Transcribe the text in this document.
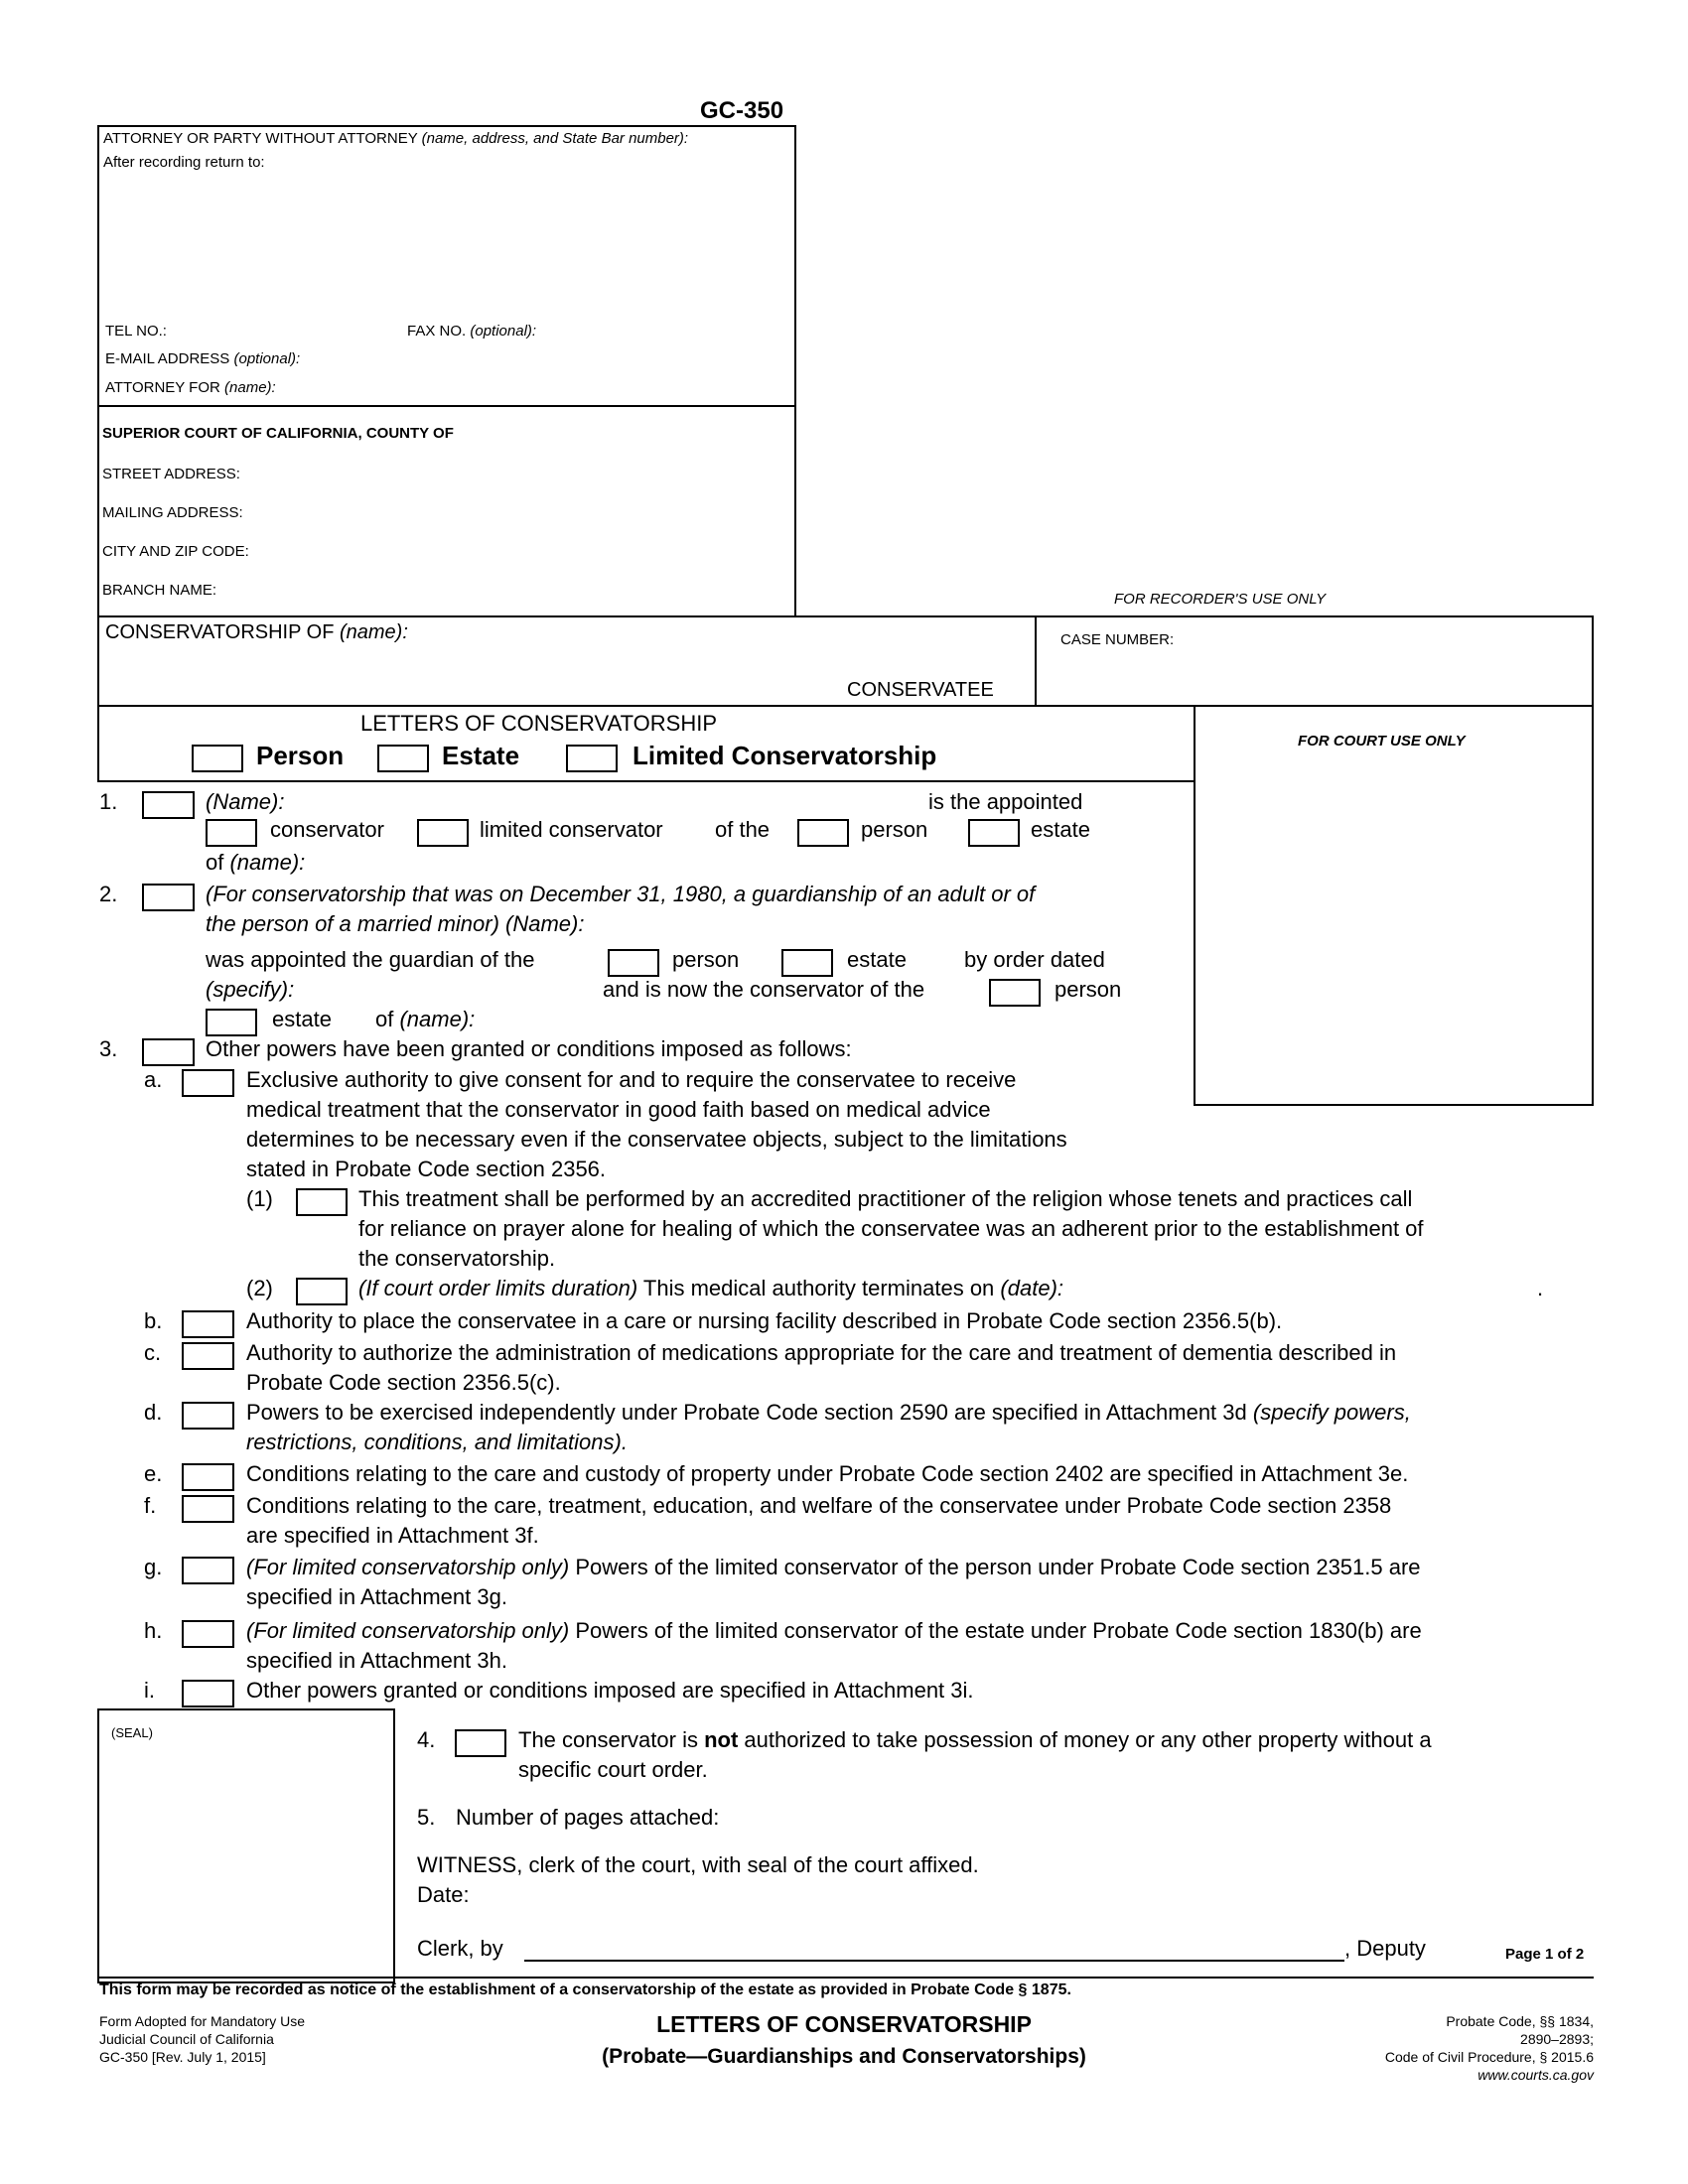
GC-350
ATTORNEY OR PARTY WITHOUT ATTORNEY (name, address, and State Bar number):
After recording return to:
TEL NO.:	FAX NO. (optional):
E-MAIL ADDRESS (optional):
ATTORNEY FOR (name):
SUPERIOR COURT OF CALIFORNIA, COUNTY OF
STREET ADDRESS:
MAILING ADDRESS:
CITY AND ZIP CODE:
BRANCH NAME:
FOR RECORDER'S USE ONLY
CONSERVATORSHIP OF (name):
CONSERVATEE
CASE NUMBER:
LETTERS OF CONSERVATORSHIP
Person	Estate	Limited Conservatorship	FOR COURT USE ONLY
1.	(Name):	is the appointed
conservator	limited conservator of the	person	estate
of (name):
2.	(For conservatorship that was on December 31, 1980, a guardianship of an adult or of
the person of a married minor) (Name):
was appointed the guardian of the	person	estate	by order dated
(specify):	and is now the conservator of the	person
estate of (name):
3.	Other powers have been granted or conditions imposed as follows:
a.	Exclusive authority to give consent for and to require the conservatee to receive
medical treatment that the conservator in good faith based on medical advice
determines to be necessary even if the conservatee objects, subject to the limitations
stated in Probate Code section 2356.
(1)	This treatment shall be performed by an accredited practitioner of the religion whose tenets and practices call
for reliance on prayer alone for healing of which the conservatee was an adherent prior to the establishment of
the conservatorship.
(2)	(If court order limits duration) This medical authority terminates on (date):	.
b.	Authority to place the conservatee in a care or nursing facility described in Probate Code section 2356.5(b).
c.	Authority to authorize the administration of medications appropriate for the care and treatment of dementia described in
Probate Code section 2356.5(c).
d.	Powers to be exercised independently under Probate Code section 2590 are specified in Attachment 3d (specify powers,
restrictions, conditions, and limitations).
e.	Conditions relating to the care and custody of property under Probate Code section 2402 are specified in Attachment 3e.
f.	Conditions relating to the care, treatment, education, and welfare of the conservatee under Probate Code section 2358
are specified in Attachment 3f.
g.	(For limited conservatorship only) Powers of the limited conservator of the person under Probate Code section 2351.5 are
specified in Attachment 3g.
h.	(For limited conservatorship only) Powers of the limited conservator of the estate under Probate Code section 1830(b) are
specified in Attachment 3h.
i.	Other powers granted or conditions imposed are specified in Attachment 3i.
(SEAL)	4.	The conservator is not authorized to take possession of money or any other property without a
specific court order.
5. Number of pages attached:
WITNESS, clerk of the court, with seal of the court affixed.
Date:
Clerk, by	, Deputy	Page 1 of 2
This form may be recorded as notice of the establishment of a conservatorship of the estate as provided in Probate Code § 1875.
Form Adopted for Mandatory Use
Judicial Council of California
GC-350 [Rev. July 1, 2015]
LETTERS OF CONSERVATORSHIP
(Probate—Guardianships and Conservatorships)
Probate Code, §§ 1834,
2890–2893;
Code of Civil Procedure, § 2015.6
www.courts.ca.gov
